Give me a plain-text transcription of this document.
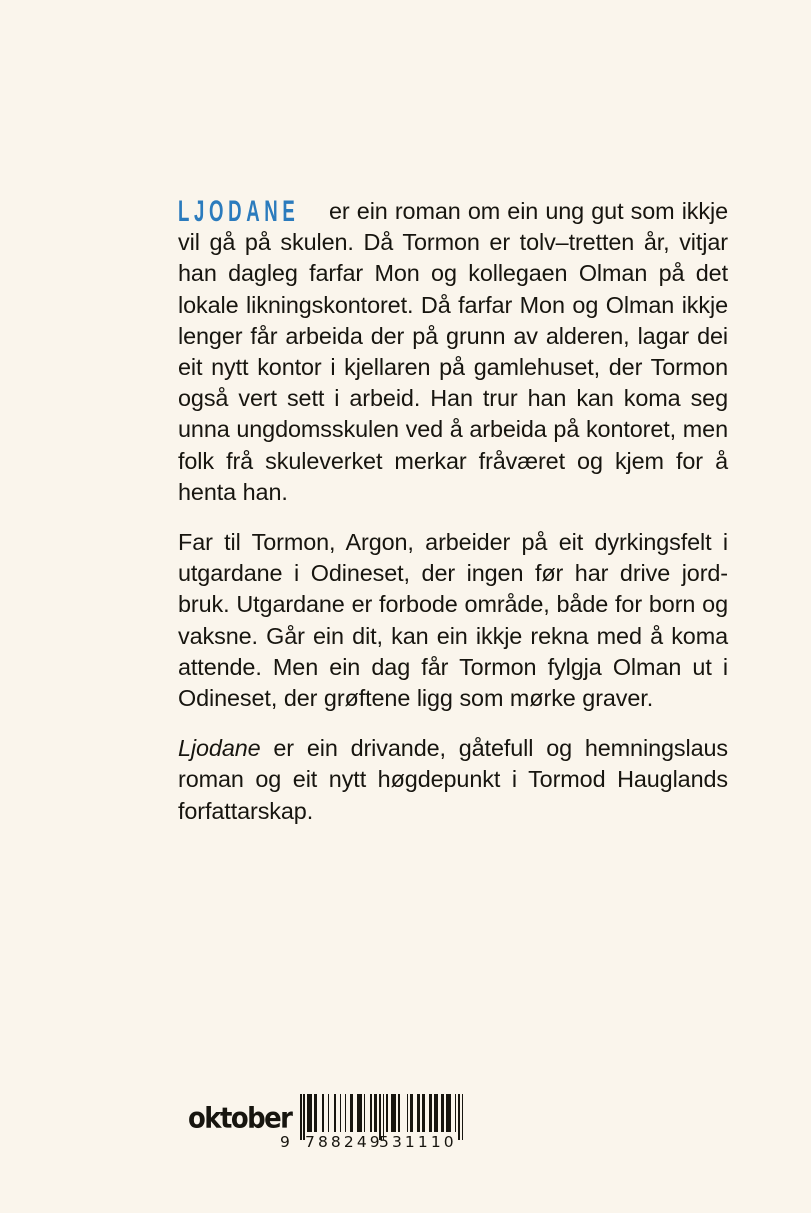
LJODANE er ein roman om ein ung gut som ikkje vil gå på skulen. Då Tormon er tolv–tretten år, vitjar han dagleg farfar Mon og kollegaen Olman på det lokale likningskontoret. Då farfar Mon og Olman ikkje lenger får arbeida der på grunn av alderen, lagar dei eit nytt kontor i kjellaren på gamlehuset, der Tormon også vert sett i arbeid. Han trur han kan koma seg unna ungdomsskulen ved å arbeida på kontoret, men folk frå skuleverket merkar fråværet og kjem for å henta han.

Far til Tormon, Argon, arbeider på eit dyrkingsfelt i utgardane i Odineset, der ingen før har drive jord-bruk. Utgardane er forbode område, både for born og vaksne. Går ein dit, kan ein ikkje rekna med å koma attende. Men ein dag får Tormon fylgja Olman ut i Odineset, der grøftene ligg som mørke graver.

Ljodane er ein drivande, gåtefull og hemningslaus roman og eit nytt høgdepunkt i Tormod Hauglands forfattarskap.

oktober
9 788249
531110
